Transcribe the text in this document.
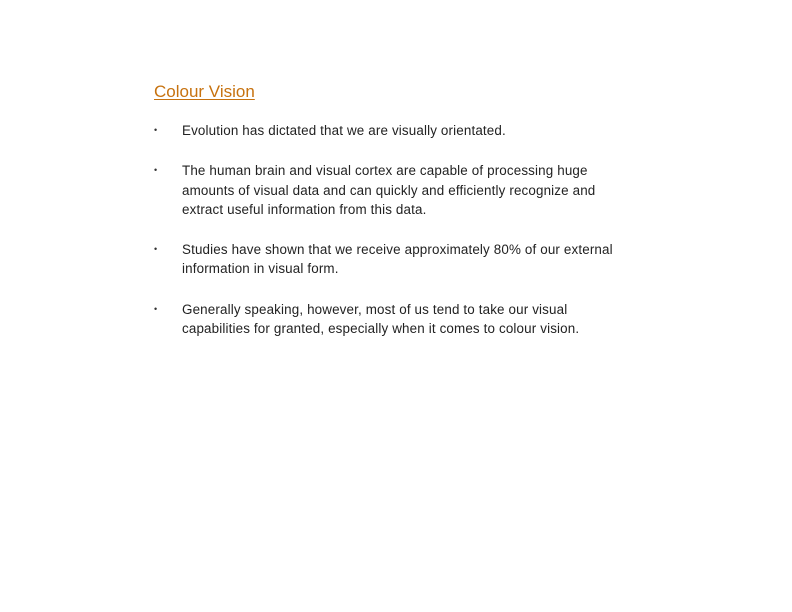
Colour Vision
• Evolution has dictated that we are visually orientated.
• The human brain and visual cortex are capable of processing huge amounts of visual data and can quickly and efficiently recognize and extract useful information from this data.
• Studies have shown that we receive approximately 80% of our external information in visual form.
• Generally speaking, however, most of us tend to take our visual capabilities for granted, especially when it comes to colour vision.
